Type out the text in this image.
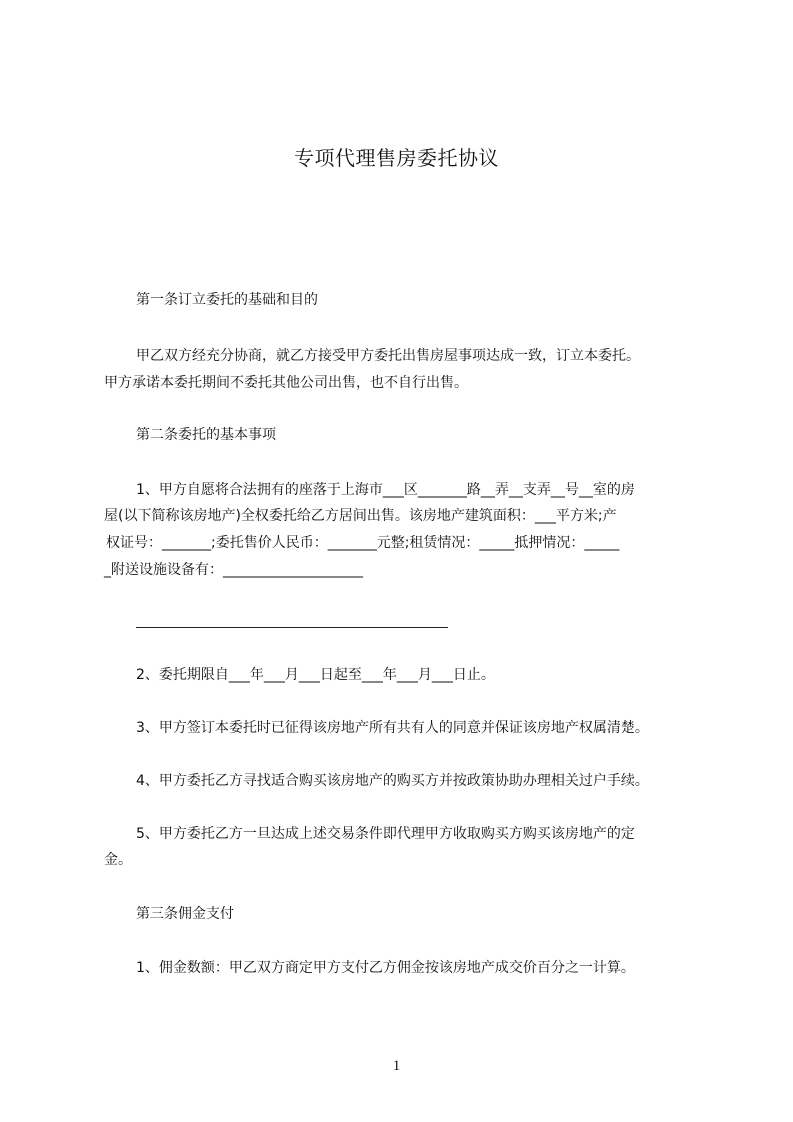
专项代理售房委托协议
第一条订立委托的基础和目的
甲乙双方经充分协商，就乙方接受甲方委托出售房屋事项达成一致，订立本委托。
甲方承诺本委托期间不委托其他公司出售，也不自行出售。
第二条委托的基本事项
1、甲方自愿将合法拥有的座落于上海市___区_______路__弄__支弄__号__室的房
屋(以下简称该房地产)全权委托给乙方居间出售。该房地产建筑面积：___平方米;产
权证号：_______;委托售价人民币：_______元整;租赁情况：_____抵押情况：_____
_附送设施设备有：____________________
2、委托期限自___年___月___日起至___年___月___日止。
3、甲方签订本委托时已征得该房地产所有共有人的同意并保证该房地产权属清楚。
4、甲方委托乙方寻找适合购买该房地产的购买方并按政策协助办理相关过户手续。
5、甲方委托乙方一旦达成上述交易条件即代理甲方收取购买方购买该房地产的定
金。
第三条佣金支付
1、佣金数额：甲乙双方商定甲方支付乙方佣金按该房地产成交价百分之一计算。
1
